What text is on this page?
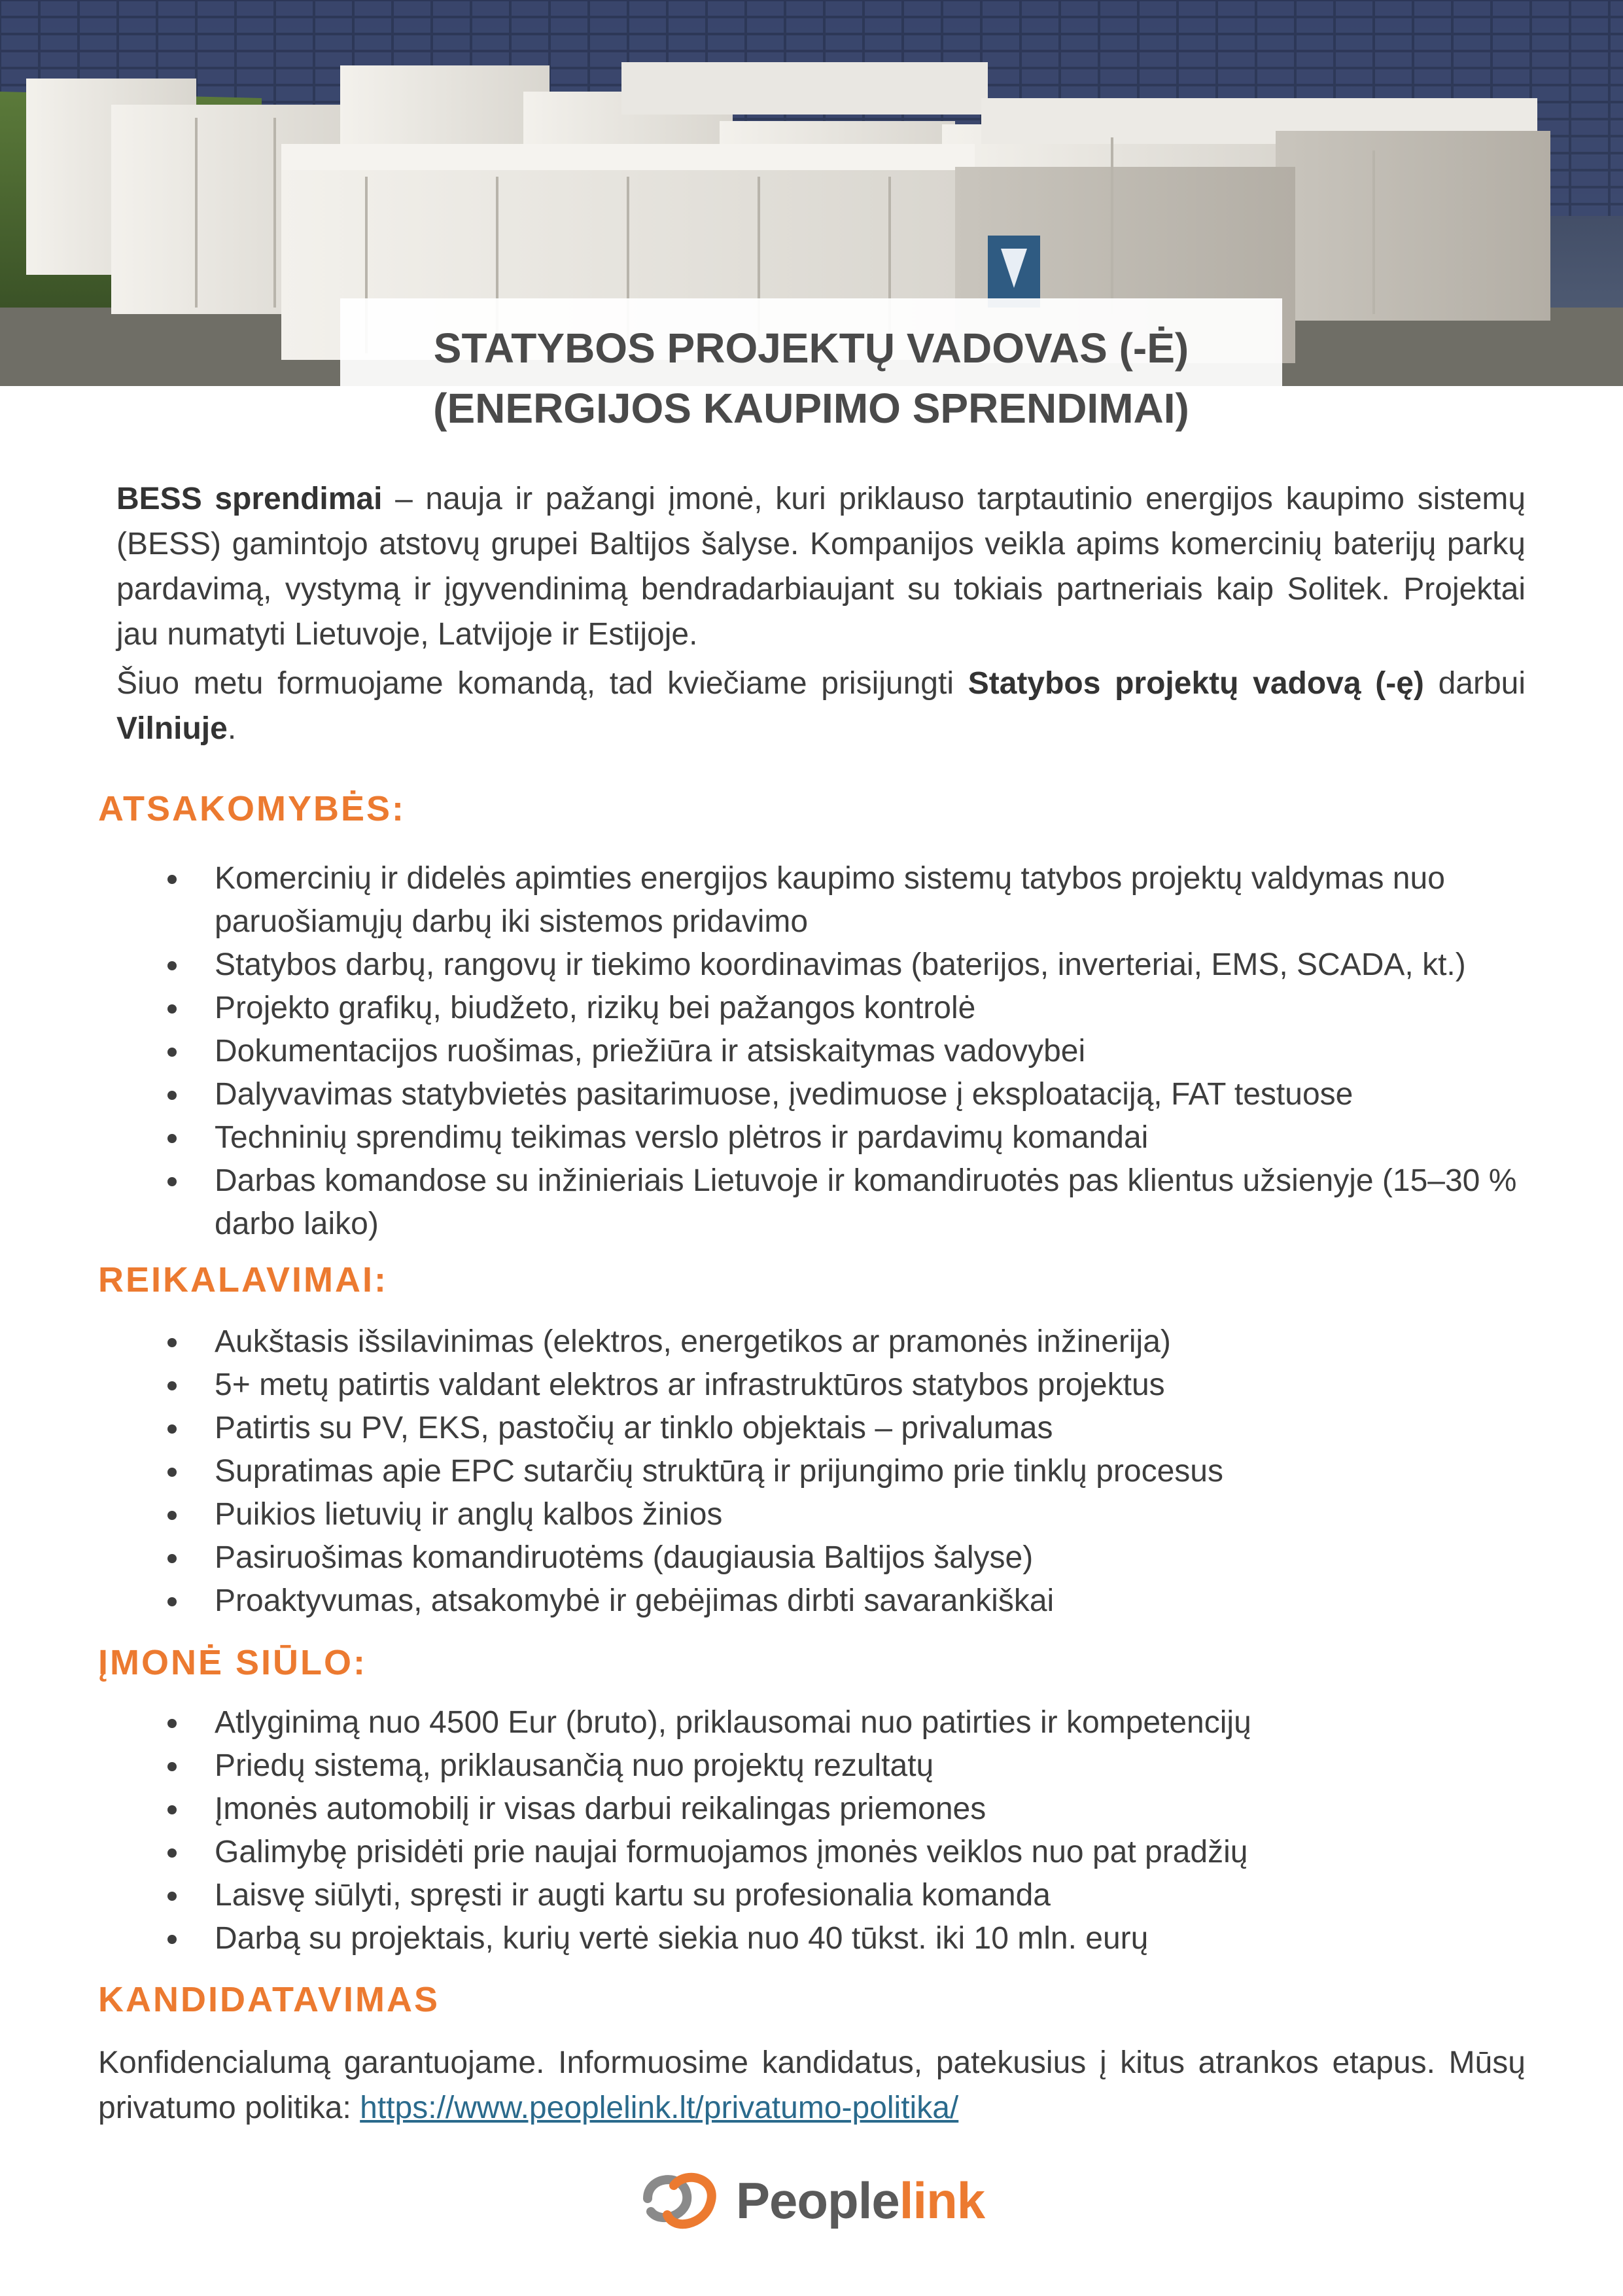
STATYBOS PROJEKTŲ VADOVAS (-Ė)
(ENERGIJOS KAUPIMO SPRENDIMAI)
BESS sprendimai – nauja ir pažangi įmonė, kuri priklauso tarptautinio energijos kaupimo sistemų (BESS) gamintojo atstovų grupei Baltijos šalyse. Kompanijos veikla apims komercinių baterijų parkų pardavimą, vystymą ir įgyvendinimą bendradarbiaujant su tokiais partneriais kaip Solitek. Projektai jau numatyti Lietuvoje, Latvijoje ir Estijoje.
Šiuo metu formuojame komandą, tad kviečiame prisijungti Statybos projektų vadovą (-ę) darbui Vilniuje.
ATSAKOMYBĖS:
Komercinių ir didelės apimties energijos kaupimo sistemų tatybos projektų valdymas nuo paruošiamųjų darbų iki sistemos pridavimo
Statybos darbų, rangovų ir tiekimo koordinavimas (baterijos, inverteriai, EMS, SCADA, kt.)
Projekto grafikų, biudžeto, rizikų bei pažangos kontrolė
Dokumentacijos ruošimas, priežiūra ir atsiskaitymas vadovybei
Dalyvavimas statybvietės pasitarimuose, įvedimuose į eksploataciją, FAT testuose
Techninių sprendimų teikimas verslo plėtros ir pardavimų komandai
Darbas komandose su inžinieriais Lietuvoje ir komandiruotės pas klientus užsienyje (15–30 % darbo laiko)
REIKALAVIMAI:
Aukštasis išsilavinimas (elektros, energetikos ar pramonės inžinerija)
5+ metų patirtis valdant elektros ar infrastruktūros statybos projektus
Patirtis su PV, EKS, pastočių ar tinklo objektais – privalumas
Supratimas apie EPC sutarčių struktūrą ir prijungimo prie tinklų procesus
Puikios lietuvių ir anglų kalbos žinios
Pasiruošimas komandiruotėms (daugiausia Baltijos šalyse)
Proaktyvumas, atsakomybė ir gebėjimas dirbti savarankiškai
ĮMONĖ SIŪLO:
Atlyginimą nuo 4500 Eur (bruto), priklausomai nuo patirties ir kompetencijų
Priedų sistemą, priklausančią nuo projektų rezultatų
Įmonės automobilį ir visas darbui reikalingas priemones
Galimybę prisidėti prie naujai formuojamos įmonės veiklos nuo pat pradžių
Laisvę siūlyti, spręsti ir augti kartu su profesionalia komanda
Darbą su projektais, kurių vertė siekia nuo 40 tūkst. iki 10 mln. eurų
KANDIDATAVIMAS
Konfidencialumą garantuojame. Informuosime kandidatus, patekusius į kitus atrankos etapus. Mūsų privatumo politika: https://www.peoplelink.lt/privatumo-politika/
Peoplelink
